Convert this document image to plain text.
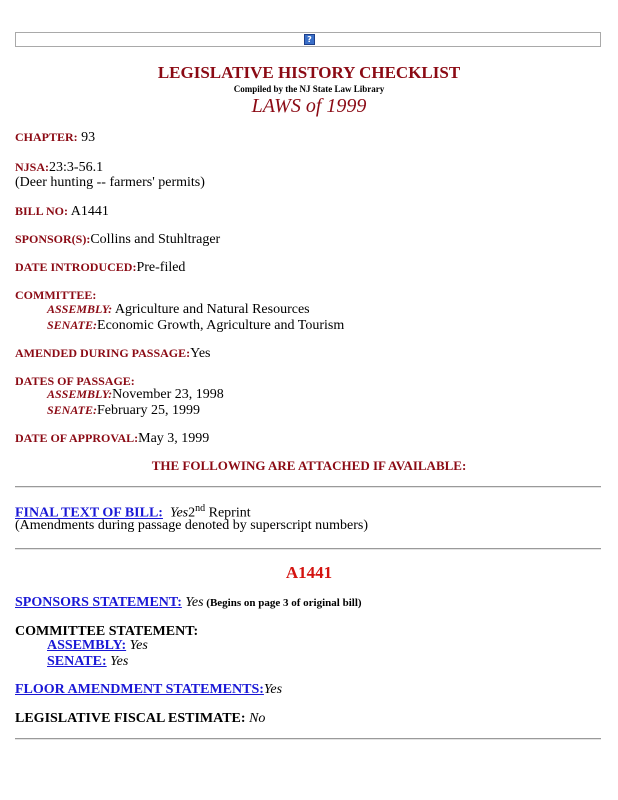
?
LEGISLATIVE HISTORY CHECKLIST
Compiled by the NJ State Law Library
LAWS of 1999
CHAPTER: 93
NJSA:23:3-56.1
(Deer hunting -- farmers' permits)
BILL NO: A1441
SPONSOR(S):Collins and Stuhltrager
DATE INTRODUCED:Pre-filed
COMMITTEE:
ASSEMBLY: Agriculture and Natural Resources
SENATE:Economic Growth, Agriculture and Tourism
AMENDED DURING PASSAGE:Yes
DATES OF PASSAGE:
ASSEMBLY:November 23, 1998
SENATE:February 25, 1999
DATE OF APPROVAL:May 3, 1999
THE FOLLOWING ARE ATTACHED IF AVAILABLE:
FINAL TEXT OF BILL: Yes2nd Reprint
(Amendments during passage denoted by superscript numbers)
A1441
SPONSORS STATEMENT: Yes (Begins on page 3 of original bill)
COMMITTEE STATEMENT:
ASSEMBLY: Yes
SENATE: Yes
FLOOR AMENDMENT STATEMENTS:Yes
LEGISLATIVE FISCAL ESTIMATE: No
